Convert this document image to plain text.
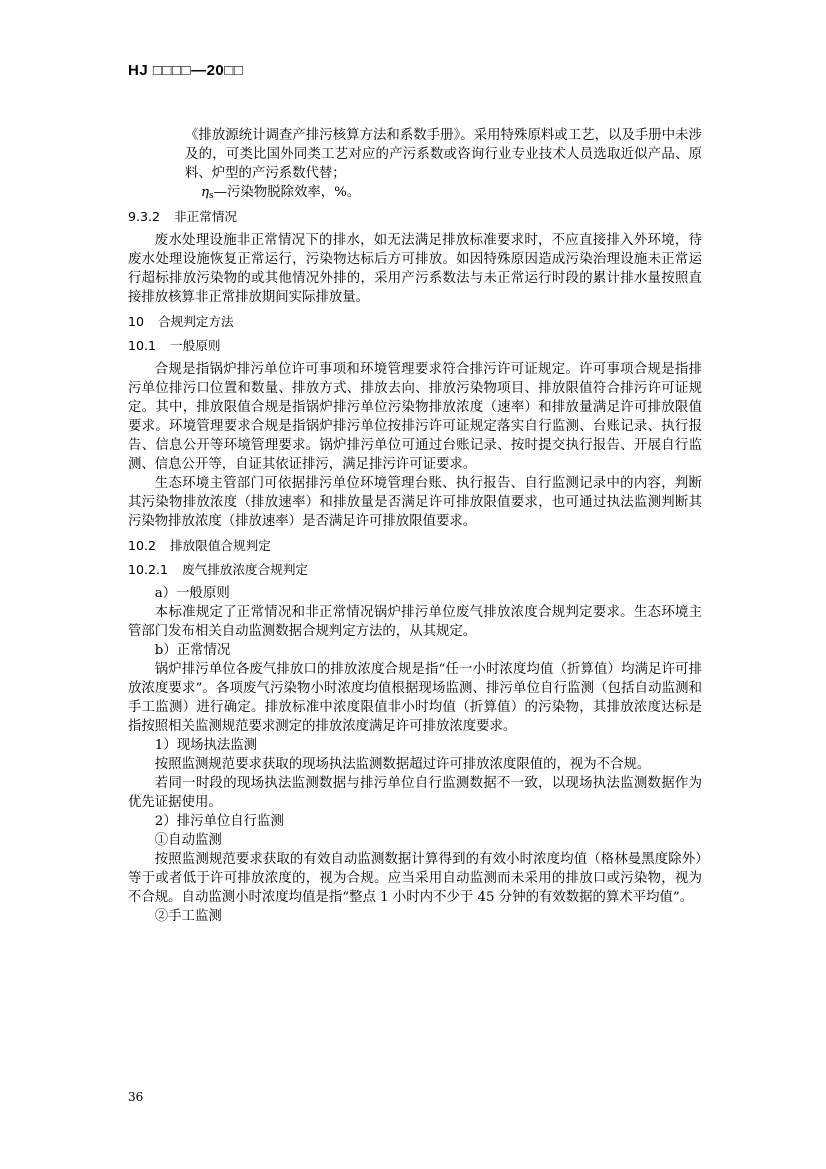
HJ □□□□—20□□

《排放源统计调查产排污核算方法和系数手册》。采用特殊原料或工艺，以及手册中未涉及的，可类比国外同类工艺对应的产污系数或咨询行业专业技术人员选取近似产品、原料、炉型的产污系数代替；

$\eta_s—$污染物脱除效率，%。

9.3.2 非正常情况

废水处理设施非正常情况下的排水，如无法满足排放标准要求时，不应直接排入外环境，待废水处理设施恢复正常运行，污染物达标后方可排放。如因特殊原因造成污染治理设施未正常运行超标排放污染物的或其他情况外排的，采用产污系数法与未正常运行时段的累计排水量按照直接排放核算非正常排放期间实际排放量。

10 合规判定方法
10.1 一般原则

合规是指锅炉排污单位许可事项和环境管理要求符合排污许可证规定。许可事项合规是指排污单位排污口位置和数量、排放方式、排放去向、排放污染物项目、排放限值符合排污许可证规定。其中，排放限值合规是指锅炉排污单位污染物排放浓度（速率）和排放量满足许可排放限值要求。环境管理要求合规是指锅炉排污单位按排污许可证规定落实自行监测、台账记录、执行报告、信息公开等环境管理要求。锅炉排污单位可通过台账记录、按时提交执行报告、开展自行监测、信息公开等，自证其依证排污，满足排污许可证要求。

生态环境主管部门可依据排污单位环境管理台账、执行报告、自行监测记录中的内容，判断其污染物排放浓度（排放速率）和排放量是否满足许可排放限值要求，也可通过执法监测判断其污染物排放浓度（排放速率）是否满足许可排放限值要求。

10.2 排放限值合规判定
10.2.1 废气排放浓度合规判定

a）一般原则

本标准规定了正常情况和非正常情况锅炉排污单位废气排放浓度合规判定要求。生态环境主管部门发布相关自动监测数据合规判定方法的，从其规定。

b）正常情况

锅炉排污单位各废气排放口的排放浓度合规是指“任一小时浓度均值（折算值）均满足许可排放浓度要求”。各项废气污染物小时浓度均值根据现场监测、排污单位自行监测（包括自动监测和手工监测）进行确定。排放标准中浓度限值非小时均值（折算值）的污染物，其排放浓度达标是指按照相关监测规范要求测定的排放浓度满足许可排放浓度要求。

1）现场执法监测

按照监测规范要求获取的现场执法监测数据超过许可排放浓度限值的，视为不合规。

若同一时段的现场执法监测数据与排污单位自行监测数据不一致，以现场执法监测数据作为优先证据使用。

2）排污单位自行监测

①自动监测

按照监测规范要求获取的有效自动监测数据计算得到的有效小时浓度均值（格林曼黑度除外）等于或者低于许可排放浓度的，视为合规。应当采用自动监测而未采用的排放口或污染物，视为不合规。自动监测小时浓度均值是指“整点 1 小时内不少于 45 分钟的有效数据的算术平均值”。

②手工监测

36
